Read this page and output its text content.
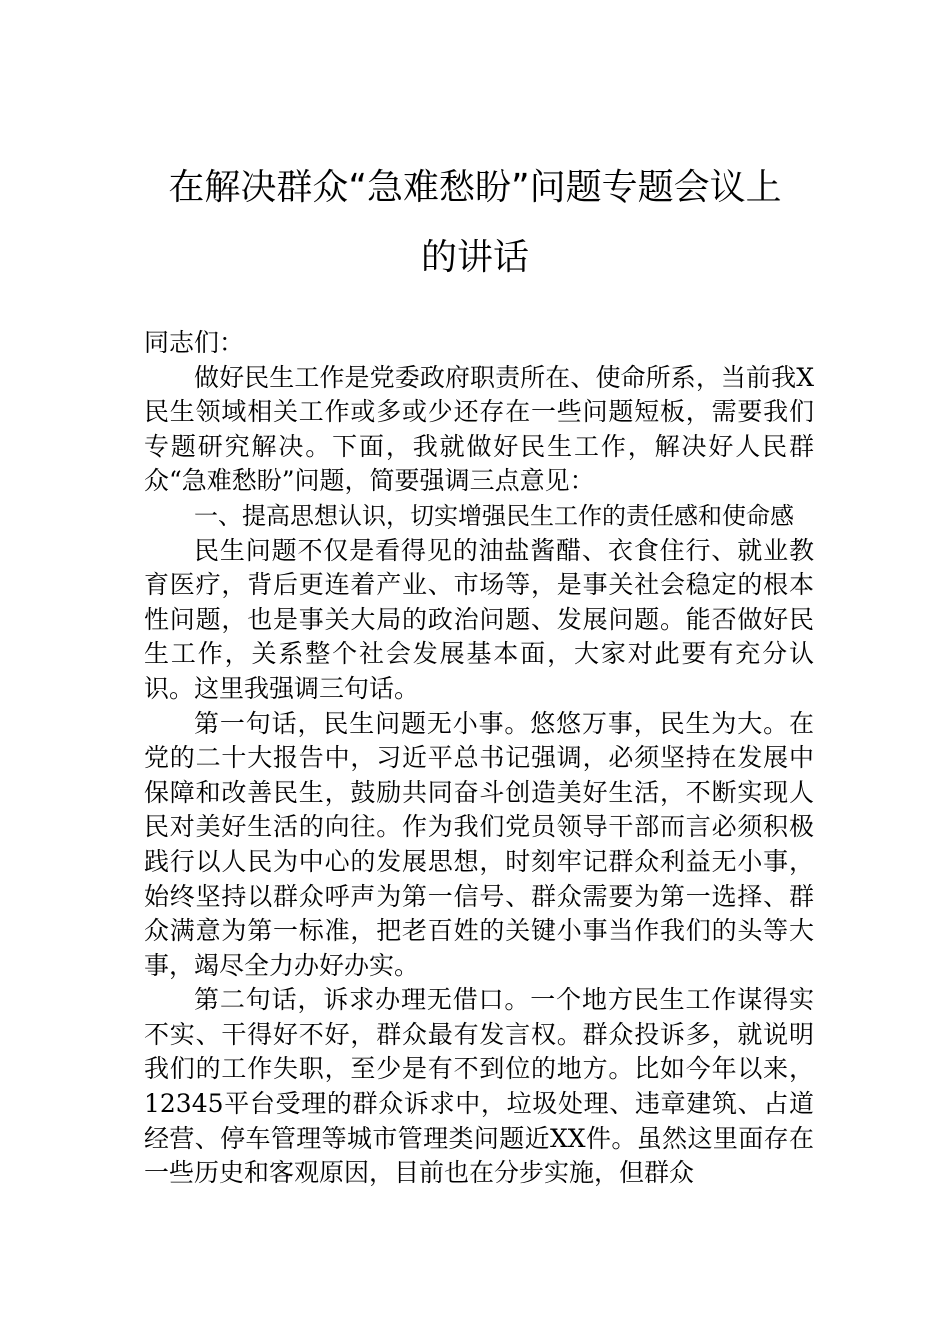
在解决群众“急难愁盼”问题专题会议上
的讲话

同志们：

做好民生工作是党委政府职责所在、使命所系，当前我X民生领域相关工作或多或少还存在一些问题短板，需要我们专题研究解决。下面，我就做好民生工作，解决好人民群众“急难愁盼”问题，简要强调三点意见：

一、提高思想认识，切实增强民生工作的责任感和使命感

民生问题不仅是看得见的油盐酱醋、衣食住行、就业教育医疗，背后更连着产业、市场等，是事关社会稳定的根本性问题，也是事关大局的政治问题、发展问题。能否做好民生工作，关系整个社会发展基本面，大家对此要有充分认识。这里我强调三句话。

第一句话，民生问题无小事。悠悠万事，民生为大。在党的二十大报告中，习近平总书记强调，必须坚持在发展中保障和改善民生，鼓励共同奋斗创造美好生活，不断实现人民对美好生活的向往。作为我们党员领导干部而言必须积极践行以人民为中心的发展思想，时刻牢记群众利益无小事，始终坚持以群众呼声为第一信号、群众需要为第一选择、群众满意为第一标准，把老百姓的关键小事当作我们的头等大事，竭尽全力办好办实。

第二句话，诉求办理无借口。一个地方民生工作谋得实不实、干得好不好，群众最有发言权。群众投诉多，就说明我们的工作失职，至少是有不到位的地方。比如今年以来，12345平台受理的群众诉求中，垃圾处理、违章建筑、占道经营、停车管理等城市管理类问题近XX件。虽然这里面存在一些历史和客观原因，目前也在分步实施，但群众
